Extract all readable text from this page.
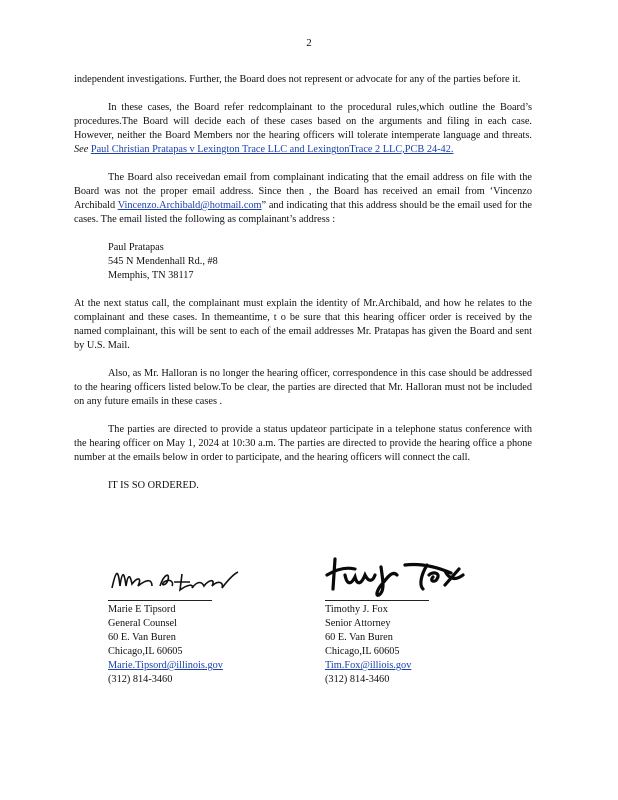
2

independent investigations. Further, the Board does not represent or advocate for any of the parties before it.

In these cases, the Board refer redcomplainant to the procedural rules,which outline the Board’s procedures.The Board will decide each of these cases based on the arguments and filing in each case. However, neither the Board Members nor the hearing officers will tolerate intemperate language and threats. See Paul Christian Pratapas v Lexington Trace LLC and LexingtonTrace 2 LLC,PCB 24-42.

The Board also receivedan email from complainant indicating that the email address on file with the Board was not the proper email address. Since then , the Board has received an email from ‘Vincenzo Archibald Vincenzo.Archibald@hotmail.com” and indicating that this address should be the email used for the cases. The email listed the following as complainant’s address :

Paul Pratapas
545 N Mendenhall Rd., #8
Memphis, TN 38117

At the next status call, the complainant must explain the identity of Mr.Archibald, and how he relates to the complainant and these cases. In themeantime, t o be sure that this hearing officer order is received by the named complainant, this will be sent to each of the email addresses Mr. Pratapas has given the Board and sent by U.S. Mail.

Also, as Mr. Halloran is no longer the hearing officer, correspondence in this case should be addressed to the hearing officers listed below.To be clear, the parties are directed that Mr. Halloran must not be included on any future emails in these cases .

The parties are directed to provide a status updateor participate in a telephone status conference with the hearing officer on May 1, 2024 at 10:30 a.m. The parties are directed to provide the hearing office a phone number at the emails below in order to participate, and the hearing officers will connect the call.

IT IS SO ORDERED.
Marie E Tipsord
General Counsel
60 E. Van Buren
Chicago,IL 60605
Marie.Tipsord@illinois.gov
(312) 814-3460
Timothy J. Fox
Senior Attorney
60 E. Van Buren
Chicago,IL 60605
Tim.Fox@illiois.gov
(312) 814-3460
